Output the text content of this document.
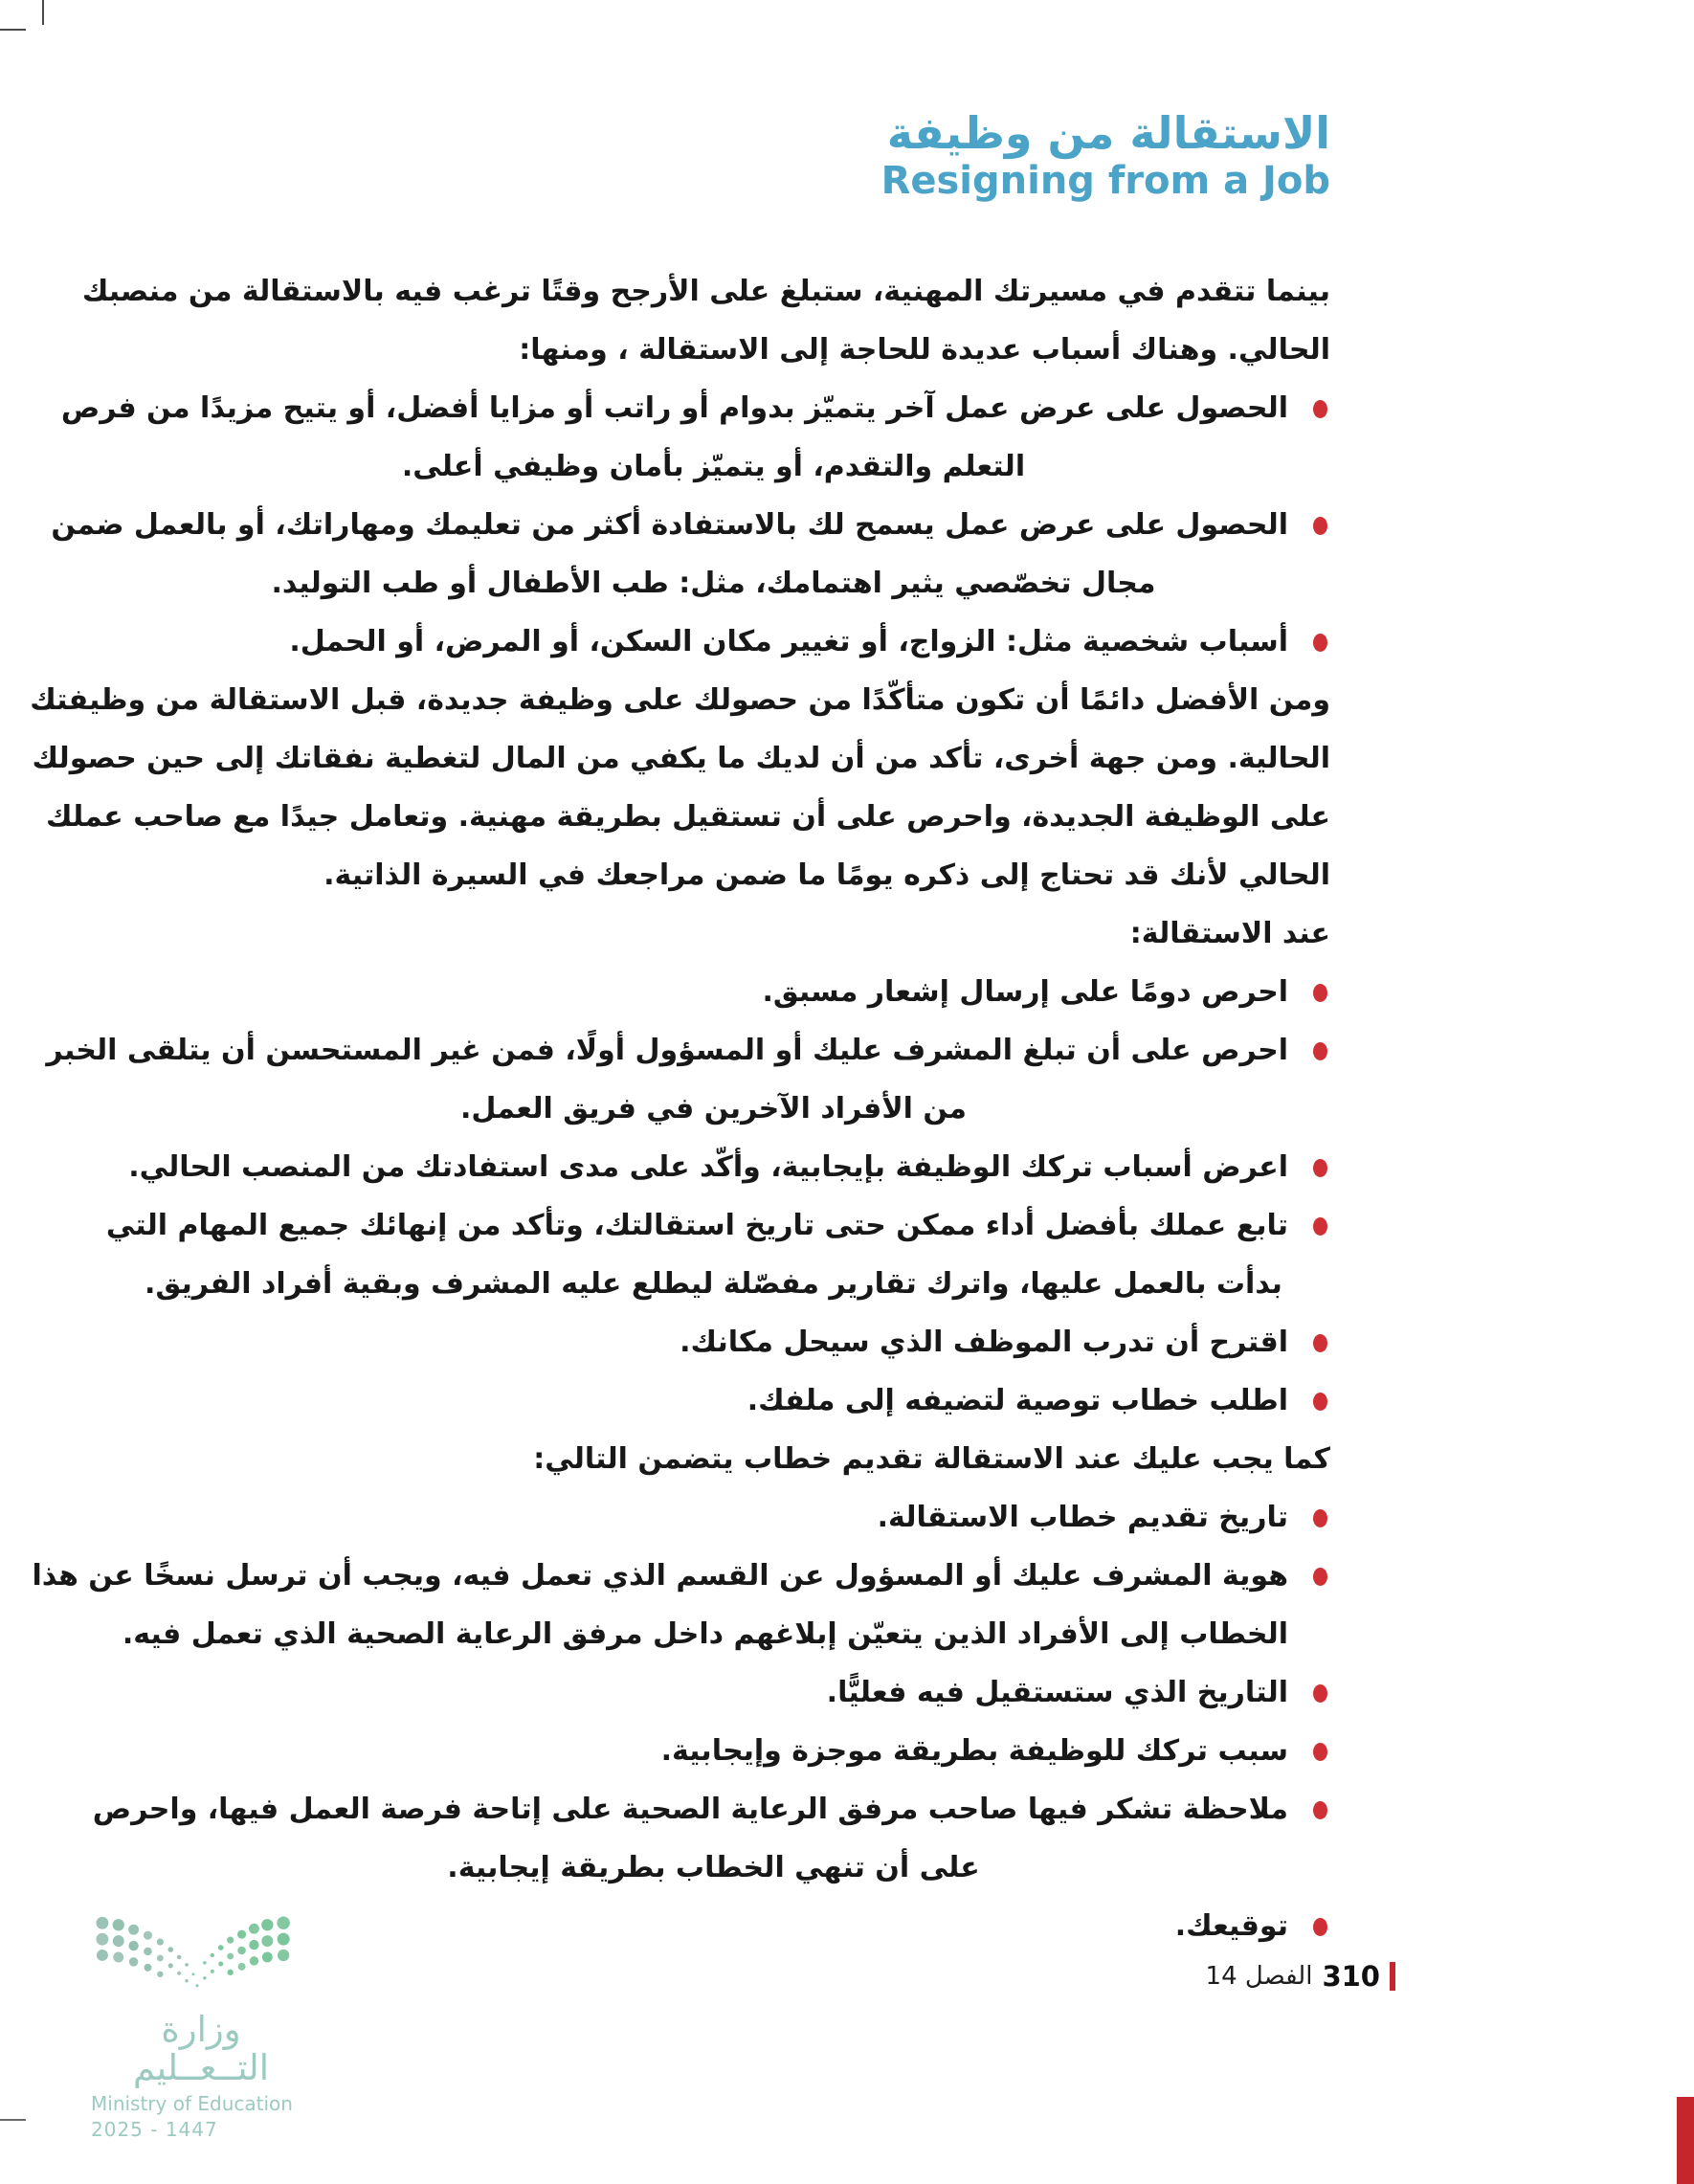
الاستقالة من وظيفة
Resigning from a Job
بينما تتقدم في مسيرتك المهنية، ستبلغ على الأرجح وقتًا ترغب فيه بالاستقالة من منصبك
الحالي. وهناك أسباب عديدة للحاجة إلى الاستقالة ، ومنها:
الحصول على عرض عمل آخر يتميّز بدوام أو راتب أو مزايا أفضل، أو يتيح مزيدًا من فرص
التعلم والتقدم، أو يتميّز بأمان وظيفي أعلى.
الحصول على عرض عمل يسمح لك بالاستفادة أكثر من تعليمك ومهاراتك، أو بالعمل ضمن
مجال تخصّصي يثير اهتمامك، مثل: طب الأطفال أو طب التوليد.
أسباب شخصية مثل: الزواج، أو تغيير مكان السكن، أو المرض، أو الحمل.
ومن الأفضل دائمًا أن تكون متأكّدًا من حصولك على وظيفة جديدة، قبل الاستقالة من وظيفتك
الحالية. ومن جهة أخرى، تأكد من أن لديك ما يكفي من المال لتغطية نفقاتك إلى حين حصولك
على الوظيفة الجديدة، واحرص على أن تستقيل بطريقة مهنية. وتعامل جيدًا مع صاحب عملك
الحالي لأنك قد تحتاج إلى ذكره يومًا ما ضمن مراجعك في السيرة الذاتية.
عند الاستقالة:
احرص دومًا على إرسال إشعار مسبق.
احرص على أن تبلغ المشرف عليك أو المسؤول أولًا، فمن غير المستحسن أن يتلقى الخبر
من الأفراد الآخرين في فريق العمل.
اعرض أسباب تركك الوظيفة بإيجابية، وأكّد على مدى استفادتك من المنصب الحالي.
تابع عملك بأفضل أداء ممكن حتى تاريخ استقالتك، وتأكد من إنهائك جميع المهام التي
بدأت بالعمل عليها، واترك تقارير مفصّلة ليطلع عليه المشرف وبقية أفراد الفريق.
اقترح أن تدرب الموظف الذي سيحل مكانك.
اطلب خطاب توصية لتضيفه إلى ملفك.
كما يجب عليك عند الاستقالة تقديم خطاب يتضمن التالي:
تاريخ تقديم خطاب الاستقالة.
هوية المشرف عليك أو المسؤول عن القسم الذي تعمل فيه، ويجب أن ترسل نسخًا عن هذا
الخطاب إلى الأفراد الذين يتعيّن إبلاغهم داخل مرفق الرعاية الصحية الذي تعمل فيه.
التاريخ الذي ستستقيل فيه فعليًّا.
سبب تركك للوظيفة بطريقة موجزة وإيجابية.
ملاحظة تشكر فيها صاحب مرفق الرعاية الصحية على إتاحة فرصة العمل فيها، واحرص
على أن تنهي الخطاب بطريقة إيجابية.
توقيعك.
وزارة التــعــليم
Ministry of Education
2025 - 1447
310
الفصل 14
